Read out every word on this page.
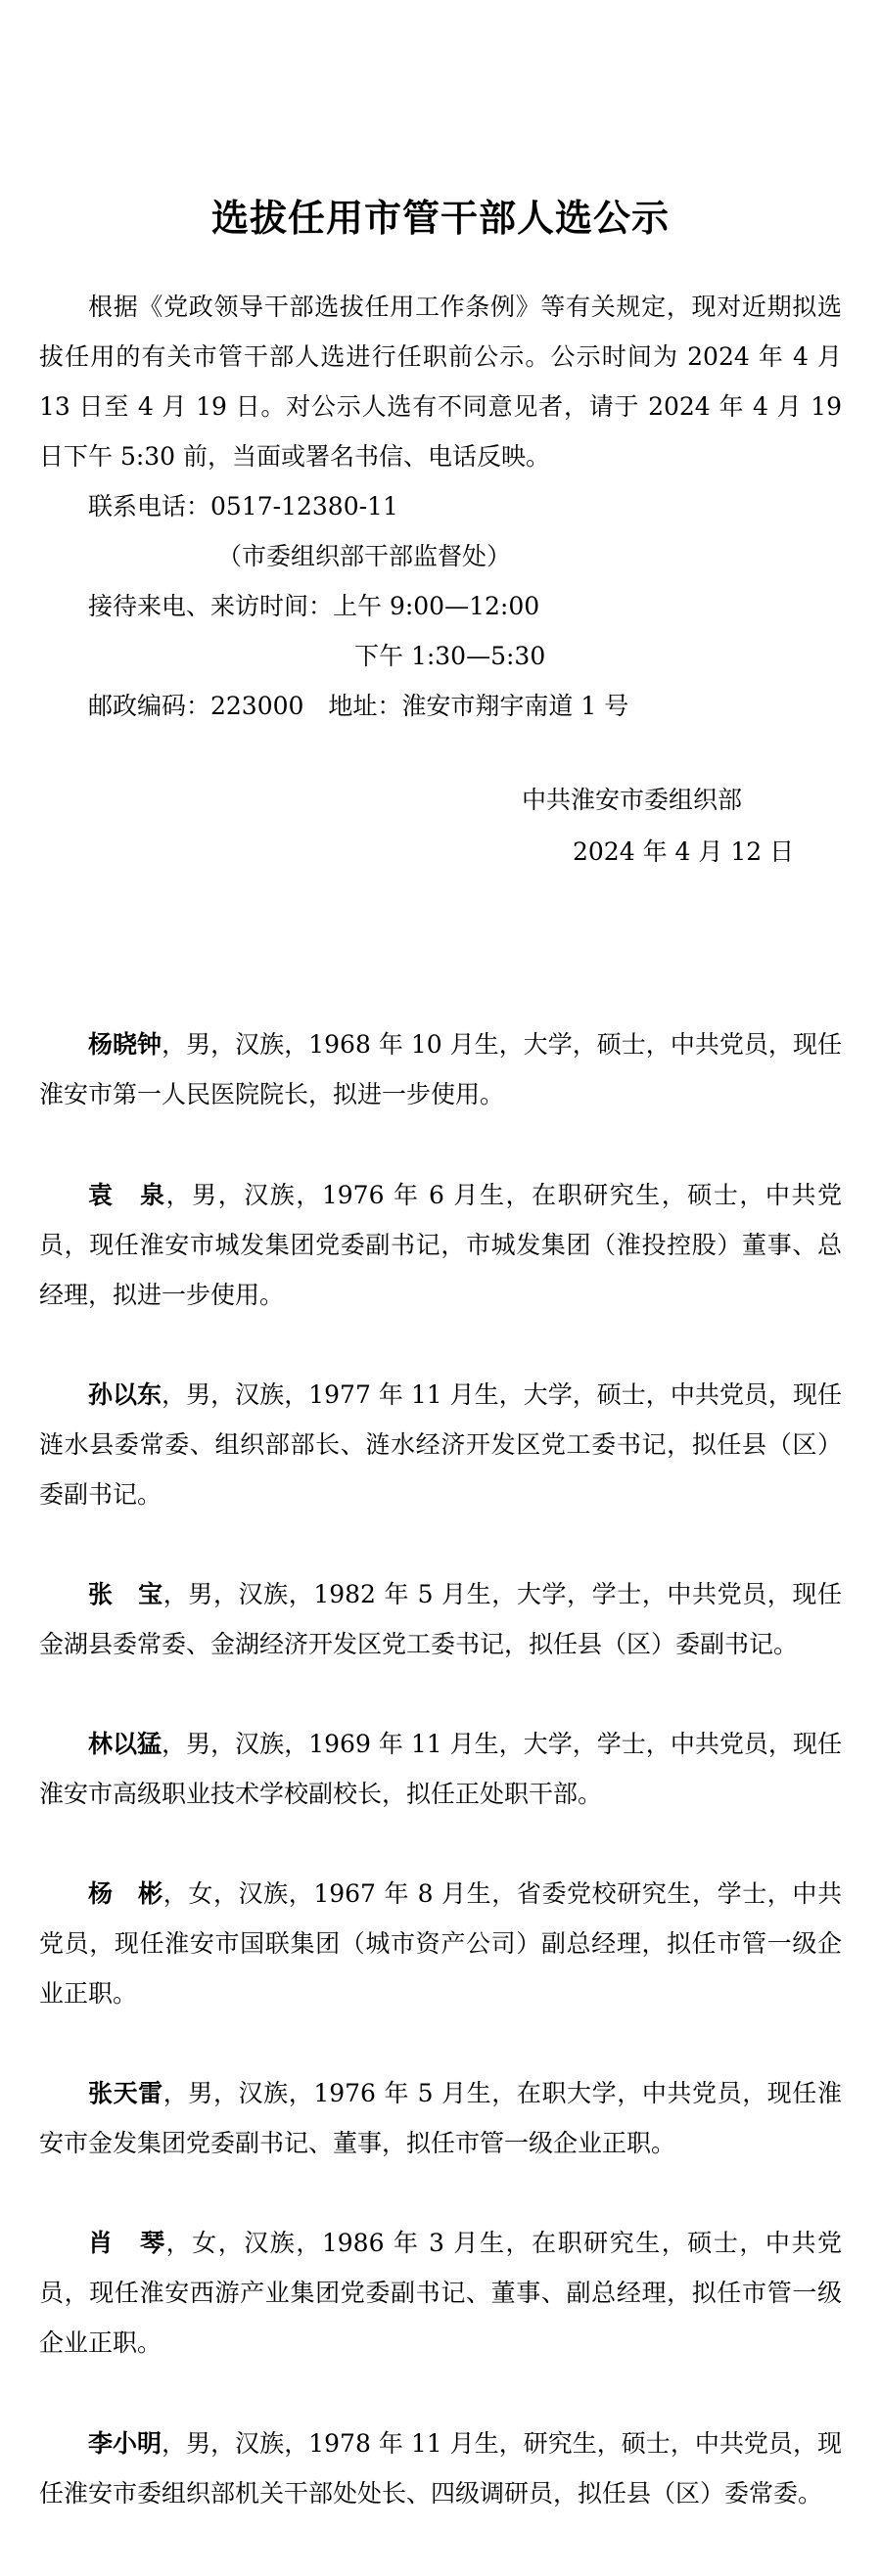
选拔任用市管干部人选公示

根据《党政领导干部选拔任用工作条例》等有关规定，现对近期拟选拔任用的有关市管干部人选进行任职前公示。公示时间为 2024 年 4 月 13 日至 4 月 19 日。对公示人选有不同意见者，请于 2024 年 4 月 19 日下午 5:30 前，当面或署名书信、电话反映。

联系电话：0517-12380-11

（市委组织部干部监督处）

接待来电、来访时间：上午 9:00—12:00

下午 1:30—5:30

邮政编码：223000　地址：淮安市翔宇南道 1 号

中共淮安市委组织部

2024 年 4 月 12 日

杨晓钟，男，汉族，1968 年 10 月生，大学，硕士，中共党员，现任淮安市第一人民医院院长，拟进一步使用。

袁　泉，男，汉族，1976 年 6 月生，在职研究生，硕士，中共党员，现任淮安市城发集团党委副书记，市城发集团（淮投控股）董事、总经理，拟进一步使用。

孙以东，男，汉族，1977 年 11 月生，大学，硕士，中共党员，现任涟水县委常委、组织部部长、涟水经济开发区党工委书记，拟任县（区）委副书记。

张　宝，男，汉族，1982 年 5 月生，大学，学士，中共党员，现任金湖县委常委、金湖经济开发区党工委书记，拟任县（区）委副书记。

林以猛，男，汉族，1969 年 11 月生，大学，学士，中共党员，现任淮安市高级职业技术学校副校长，拟任正处职干部。

杨　彬，女，汉族，1967 年 8 月生，省委党校研究生，学士，中共党员，现任淮安市国联集团（城市资产公司）副总经理，拟任市管一级企业正职。

张天雷，男，汉族，1976 年 5 月生，在职大学，中共党员，现任淮安市金发集团党委副书记、董事，拟任市管一级企业正职。

肖　琴，女，汉族，1986 年 3 月生，在职研究生，硕士，中共党员，现任淮安西游产业集团党委副书记、董事、副总经理，拟任市管一级企业正职。

李小明，男，汉族，1978 年 11 月生，研究生，硕士，中共党员，现任淮安市委组织部机关干部处处长、四级调研员，拟任县（区）委常委。
